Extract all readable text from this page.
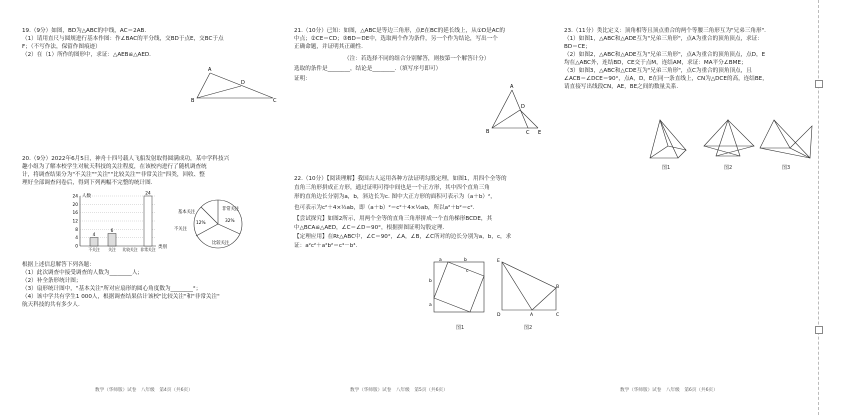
19.（9分）如图，BD为△ABC的中线，AC＝2AB.
（1）请用直尺与圆规进行基本作图：作∠BAC的平分线，交BD于点E，交BC于点
F；（不写作法，保留作图痕迹）
（2）在（1）所作的图形中，求证：△AEB≌△AED.
A
B	C
D
20.（9分）2022年6月5日，神舟十四号载人飞船发射取得圆满成功，某中学科技兴
趣小组为了解本校学生对航天科技的关注程度，在该校内进行了随机调查统
计，将调查结果分为"不关注""关注""比较关注""非常关注"四类，回收、整
理好全部调查问卷后，得到下列两幅不完整的统计图.
人数
24
20
16
12
8
4
0
4
6
24
不关注 关注 比较关注 非常关注 类别
基本关注
12%
非常关注
32%
不关注
比较关注
根据上述信息解答下列各题：
（1）此次调查中接受调查的人数为________人；
（2）补全条形统计图；
（3）扇形统计图中，"基本关注"所对应扇形的圆心角度数为________°；
（4）该中学共有学生1 000人，根据调查结果估计该校"比较关注"和"非常关注"
航天科技的共有多少人.
数学（华师版）试卷　八年级　第4页（共6页）
21.（10分）已知：如图，△ABC是等边三角形，点E在BC的延长线上，从①D是AC的
中点；②CE＝CD；③BD＝DE中，选取两个作为条件，另一个作为结论，写出一个
正确命题，并证明其正确性.
（注：若选择不同的组合分别解答，则按第一个解答计分）
选取的条件是________，结论是________.（填写序号即可）
证明：
A
B	C
D
E
22.（10分）【阅读理解】我国古人运用各种方法证明勾股定理，如图1，用四个全等的
直角三角形拼成正方形，通过证明可得中间也是一个正方形，其中四个直角三角
形的直角边长分别为a，b，斜边长为c. 图中大正方形的面积可表示为（a＋b）²，
也可表示为c²＋4×½ab，即（a＋b）²＝c²＋4×½ab，所以a²＋b²＝c².
【尝试探究】如图2所示，用两个全等的直角三角形拼成一个直角梯形BCDE，其
中△BCA≌△AED，∠C＝∠D＝90°，根据拼图证明勾股定理.
【定理应用】在Rt△ABC中，∠C＝90°，∠A，∠B，∠C所对的边长分别为a，b，c，求
证：a²c²＋a²b²＝c⁴－b⁴.
a	b
c
b
a
图1
E
B
D	A	C
图2
数学（华师版）试卷　八年级　第5页（共6页）
23.（11分）类比定义：顶角相等且顶点重合的两个等腰三角形互为"兄弟三角形".
（1）如图1，△ABC和△ADE互为"兄弟三角形"，点A为重合的顶角顶点，求证：
BD＝CE；
（2）如图2，△ABC和△ADE互为"兄弟三角形"，点A为重合的顶角顶点，点D，E
均在△ABC外，连结BD，CE交于点M，连结AM，求证：MA平分∠BME；
（3）如图3，△ABC和△CDE互为"兄弟三角形"，点C为重合的顶角顶点，且
∠ACB＝∠DCE＝90°，点A，D，E在同一条直线上，CN为△DCE的高，连结BE，
请直接写出线段CN，AE，BE之间的数量关系.
图1	图2	图3
数学（华师版）试卷　八年级　第6页（共6页）
